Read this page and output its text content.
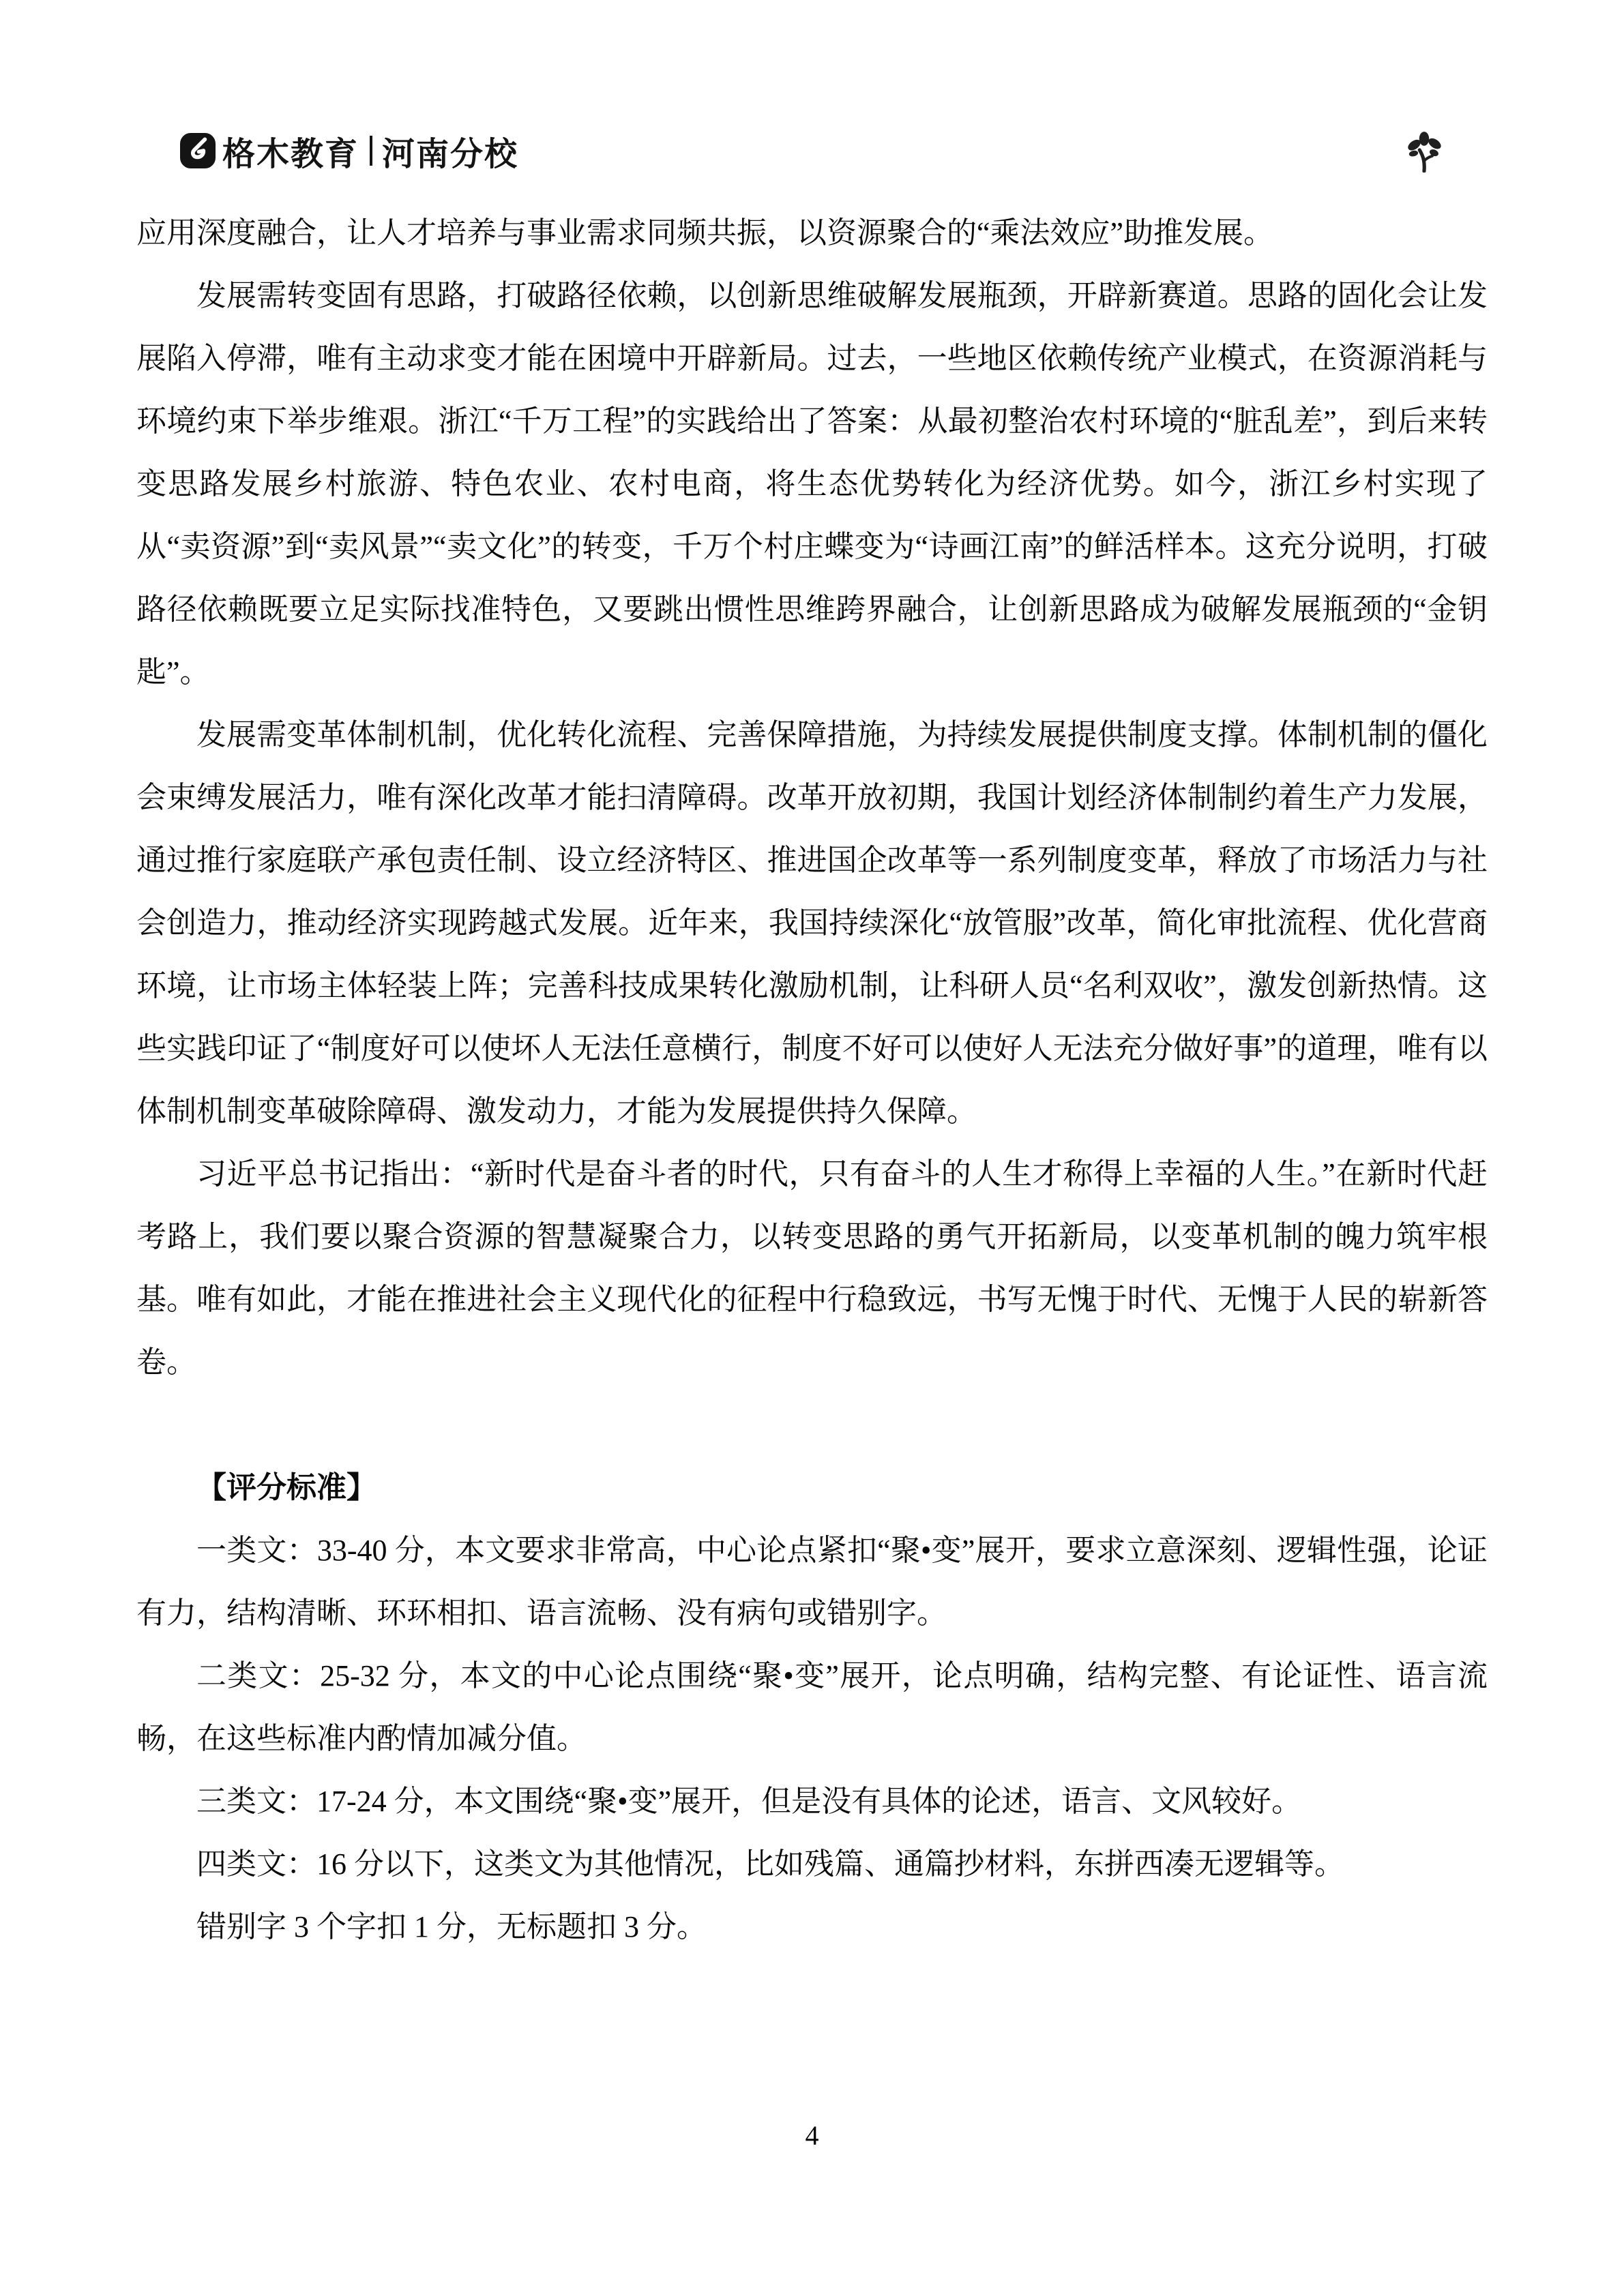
格木教育 河南分校

应用深度融合，让人才培养与事业需求同频共振，以资源聚合的“乘法效应”助推发展。

发展需转变固有思路，打破路径依赖，以创新思维破解发展瓶颈，开辟新赛道。思路的固化会让发展陷入停滞，唯有主动求变才能在困境中开辟新局。过去，一些地区依赖传统产业模式，在资源消耗与环境约束下举步维艰。浙江“千万工程”的实践给出了答案：从最初整治农村环境的“脏乱差”，到后来转变思路发展乡村旅游、特色农业、农村电商，将生态优势转化为经济优势。如今，浙江乡村实现了从“卖资源”到“卖风景”“卖文化”的转变，千万个村庄蝶变为“诗画江南”的鲜活样本。这充分说明，打破路径依赖既要立足实际找准特色，又要跳出惯性思维跨界融合，让创新思路成为破解发展瓶颈的“金钥匙”。

发展需变革体制机制，优化转化流程、完善保障措施，为持续发展提供制度支撑。体制机制的僵化会束缚发展活力，唯有深化改革才能扫清障碍。改革开放初期，我国计划经济体制制约着生产力发展，通过推行家庭联产承包责任制、设立经济特区、推进国企改革等一系列制度变革，释放了市场活力与社会创造力，推动经济实现跨越式发展。近年来，我国持续深化“放管服”改革，简化审批流程、优化营商环境，让市场主体轻装上阵；完善科技成果转化激励机制，让科研人员“名利双收”，激发创新热情。这些实践印证了“制度好可以使坏人无法任意横行，制度不好可以使好人无法充分做好事”的道理，唯有以体制机制变革破除障碍、激发动力，才能为发展提供持久保障。

习近平总书记指出：“新时代是奋斗者的时代，只有奋斗的人生才称得上幸福的人生。”在新时代赶考路上，我们要以聚合资源的智慧凝聚合力，以转变思路的勇气开拓新局，以变革机制的魄力筑牢根基。唯有如此，才能在推进社会主义现代化的征程中行稳致远，书写无愧于时代、无愧于人民的崭新答卷。

【评分标准】

一类文：33-40 分，本文要求非常高，中心论点紧扣“聚•变”展开，要求立意深刻、逻辑性强，论证有力，结构清晰、环环相扣、语言流畅、没有病句或错别字。

二类文：25-32 分，本文的中心论点围绕“聚•变”展开，论点明确，结构完整、有论证性、语言流畅，在这些标准内酌情加减分值。

三类文：17-24 分，本文围绕“聚•变”展开，但是没有具体的论述，语言、文风较好。

四类文：16 分以下，这类文为其他情况，比如残篇、通篇抄材料，东拼西凑无逻辑等。

错别字 3 个字扣 1 分，无标题扣 3 分。

4
